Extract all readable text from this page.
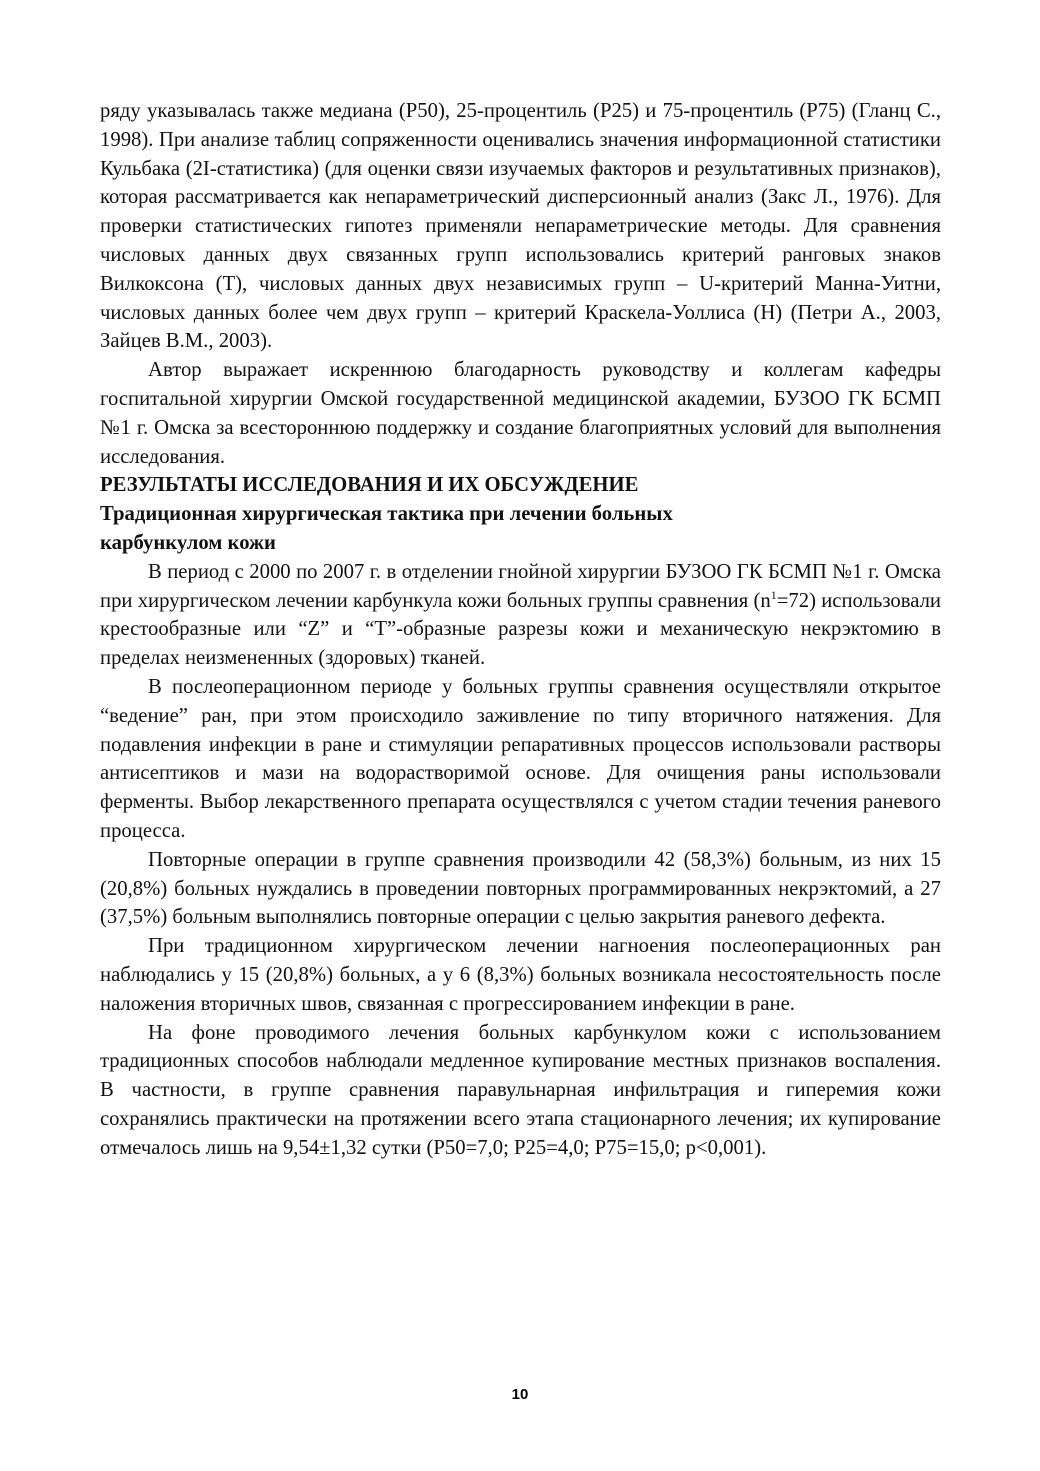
ряду указывалась также медиана (Р50), 25-процентиль (Р25) и 75-процентиль (Р75) (Гланц С., 1998). При анализе таблиц сопряженности оценивались значения информационной статистики Кульбака (2I-статистика) (для оценки связи изучаемых факторов и результативных признаков), которая рассматривается как непараметрический дисперсионный анализ (Закс Л., 1976). Для проверки статистических гипотез применяли непараметрические методы. Для сравнения числовых данных двух связанных групп использовались критерий ранговых знаков Вилкоксона (Т), числовых данных двух независимых групп – U-критерий Манна-Уитни, числовых данных более чем двух групп – критерий Краскела-Уоллиса (H) (Петри А., 2003, Зайцев В.М., 2003).

Автор выражает искреннюю благодарность руководству и коллегам кафедры госпитальной хирургии Омской государственной медицинской академии, БУЗОО ГК БСМП №1 г. Омска за всестороннюю поддержку и создание благоприятных условий для выполнения исследования.

РЕЗУЛЬТАТЫ ИССЛЕДОВАНИЯ И ИХ ОБСУЖДЕНИЕ

Традиционная хирургическая тактика при лечении больных

карбункулом кожи

В период с 2000 по 2007 г. в отделении гнойной хирургии БУЗОО ГК БСМП №1 г. Омска при хирургическом лечении карбункула кожи больных группы сравнения $(n^1=72)$ использовали крестообразные или “Z” и “T”-образные разрезы кожи и механическую некрэктомию в пределах неизмененных (здоровых) тканей.

В послеоперационном периоде у больных группы сравнения осуществляли открытое “ведение” ран, при этом происходило заживление по типу вторичного натяжения. Для подавления инфекции в ране и стимуляции репаративных процессов использовали растворы антисептиков и мази на водорастворимой основе. Для очищения раны использовали ферменты. Выбор лекарственного препарата осуществлялся с учетом стадии течения раневого процесса.

Повторные операции в группе сравнения производили 42 (58,3%) больным, из них 15 (20,8%) больных нуждались в проведении повторных программированных некрэктомий, а 27 (37,5%) больным выполнялись повторные операции с целью закрытия раневого дефекта.

При традиционном хирургическом лечении нагноения послеоперационных ран наблюдались у 15 (20,8%) больных, а у 6 (8,3%) больных возникала несостоятельность после наложения вторичных швов, связанная с прогрессированием инфекции в ране.

На фоне проводимого лечения больных карбункулом кожи с использованием традиционных способов наблюдали медленное купирование местных признаков воспаления. В частности, в группе сравнения паравульнарная инфильтрация и гиперемия кожи сохранялись практически на протяжении всего этапа стационарного лечения; их купирование отмечалось лишь на 9,54±1,32 сутки (Р50=7,0; Р25=4,0; Р75=15,0; р<0,001).

10
